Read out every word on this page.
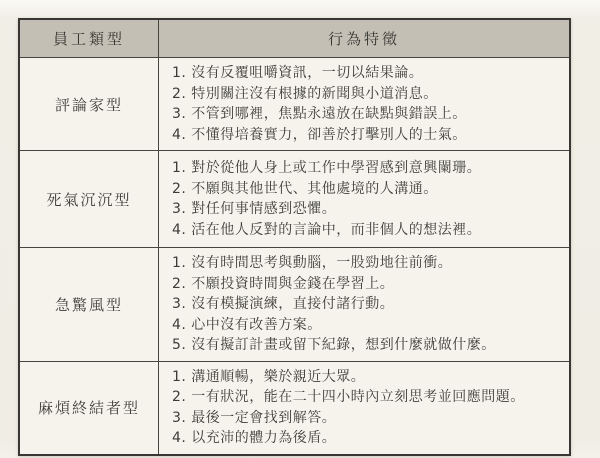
員工類型	行為特徵
評論家型
1. 沒有反覆咀嚼資訊，一切以結果論。
2. 特別關注沒有根據的新聞與小道消息。
3. 不管到哪裡，焦點永遠放在缺點與錯誤上。
4. 不懂得培養實力，卻善於打擊別人的士氣。
死氣沉沉型
1. 對於從他人身上或工作中學習感到意興闌珊。
2. 不願與其他世代、其他處境的人溝通。
3. 對任何事情感到恐懼。
4. 活在他人反對的言論中，而非個人的想法裡。
急驚風型
1. 沒有時間思考與動腦，一股勁地往前衝。
2. 不願投資時間與金錢在學習上。
3. 沒有模擬演練，直接付諸行動。
4. 心中沒有改善方案。
5. 沒有擬訂計畫或留下紀錄，想到什麼就做什麼。
麻煩終結者型
1. 溝通順暢，樂於親近大眾。
2. 一有狀況，能在二十四小時內立刻思考並回應問題。
3. 最後一定會找到解答。
4. 以充沛的體力為後盾。
